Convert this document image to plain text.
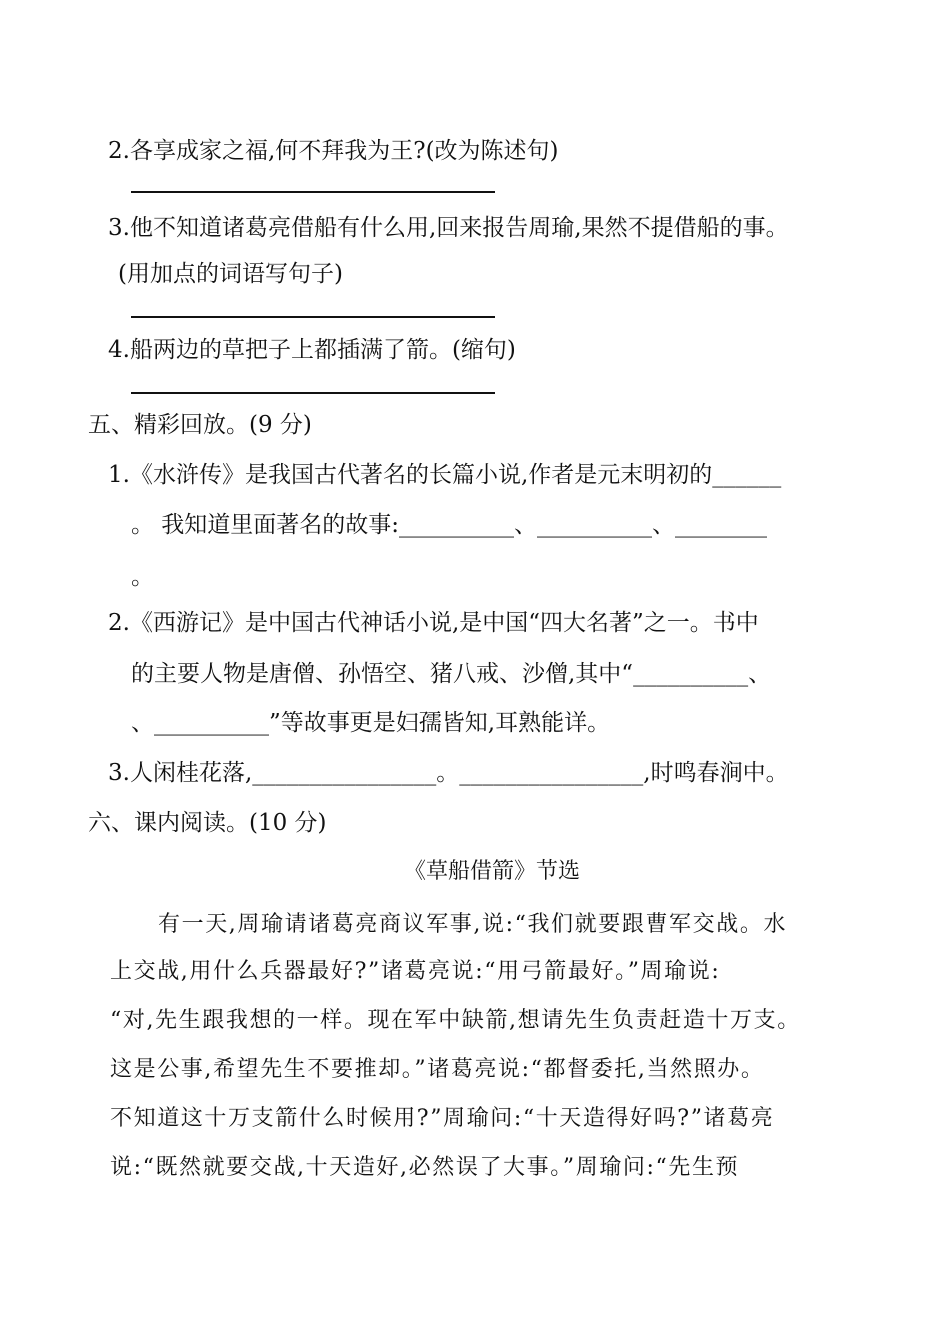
2.各享成家之福,何不拜我为王?(改为陈述句)
3.他不知道诸葛亮借船有什么用,回来报告周瑜,果然不提借船的事。
(用加点的词语写句子)
4.船两边的草把子上都插满了箭。(缩句)
五、精彩回放。(9 分)
1.《水浒传》是我国古代著名的长篇小说,作者是元末明初的______
。 我知道里面著名的故事:__________、__________、________
。
2.《西游记》是中国古代神话小说,是中国“四大名著”之一。书中
的主要人物是唐僧、孙悟空、猪八戒、沙僧,其中“__________、
、__________”等故事更是妇孺皆知,耳熟能详。
3.人闲桂花落,________________。________________,时鸣春涧中。
六、课内阅读。(10 分)
《草船借箭》节选
有一天,周瑜请诸葛亮商议军事,说:“我们就要跟曹军交战。水
上交战,用什么兵器最好?”诸葛亮说:“用弓箭最好。”周瑜说:
“对,先生跟我想的一样。现在军中缺箭,想请先生负责赶造十万支。
这是公事,希望先生不要推却。”诸葛亮说:“都督委托,当然照办。
不知道这十万支箭什么时候用?”周瑜问:“十天造得好吗?”诸葛亮
说:“既然就要交战,十天造好,必然误了大事。”周瑜问:“先生预
